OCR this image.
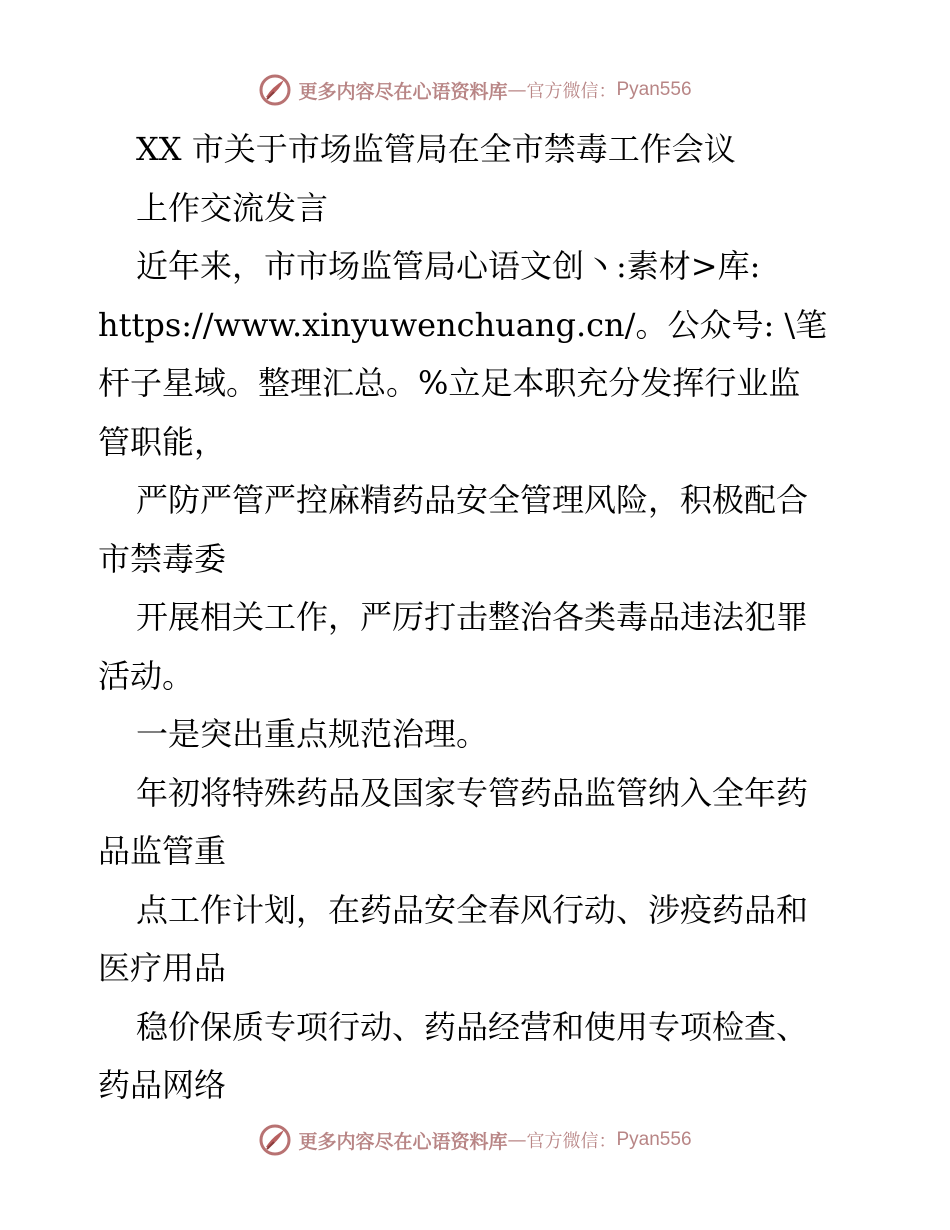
更多内容尽在心语资料库 — 官方微信： Pyan556
XX 市关于市场监管局在全市禁毒工作会议
上作交流发言
近年来，市市场监管局心语文创丶:素材>库:
https://www.xinyuwenchuang.cn/。公众号: \笔
杆子星域。整理汇总。%立足本职充分发挥行业监
管职能，
严防严管严控麻精药品安全管理风险，积极配合
市禁毒委
开展相关工作，严厉打击整治各类毒品违法犯罪
活动。
一是突出重点规范治理。
年初将特殊药品及国家专管药品监管纳入全年药
品监管重
点工作计划，在药品安全春风行动、涉疫药品和
医疗用品
稳价保质专项行动、药品经营和使用专项检查、
药品网络
更多内容尽在心语资料库 — 官方微信： Pyan556
